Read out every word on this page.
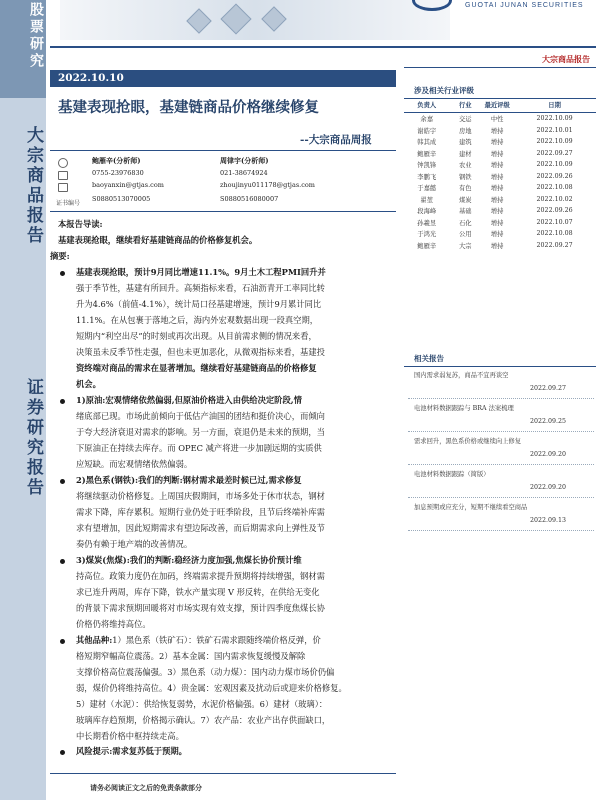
股票研究
大宗商品报告
证券研究报告
GUOTAI JUNAN SECURITIES
大宗商品报告
2022.10.10
基建表现抢眼，基建链商品价格继续修复
--大宗商品周报
鲍雁辛(分析师)
0755-23976830
baoyanxin@gtjas.com
S0880513070005
周律宇(分析师)
021-38674924
zhoujinyu011178@gtjas.com
S0880516080007
证书编号
本报告导读:
基建表现抢眼，继续看好基建链商品的价格修复机会。
摘要:
基建表现抢眼，预计9月同比增速11.1%。9月土木工程PMI回升并
强于季节性，基建有所回升。高频指标来看，石油沥青开工率同比转
升为4.6%（前值-4.1%），统计局口径基建增速，预计9月累计同比
11.1%。在从包裹于落地之后，海内外宏观数据出现一段真空期，
短期内“利空出尽”的时刻或再次出现。从目前需求侧的情况来看，
决策虽未反季节性走强，但也未更加恶化，从微观指标来看，基建投
资终端对商品的需求在显著增加。继续看好基建链商品的价格修复
机会。
1)原油:宏观情绪依然偏弱,但原油价格进入由供给决定阶段,情
绪底部已现。市场此前倾向于低估产油国的团结和挺价决心，而倾向
于夸大经济衰退对需求的影响。另一方面，衰退仍是未来的预期，当
下原油正在持续去库存。而 OPEC 减产将进一步加剧远期的实质供
应短缺。而宏观情绪依然偏弱。
2)黑色系(钢铁):我们的判断:钢材需求最差时候已过,需求修复
将继续驱动价格修复。上周国庆假期间，市场多处于休市状态，钢材
需求下降，库存累积。短期行业仍处于旺季阶段，且节后终端补库需
求有望增加，因此短期需求有望边际改善，而后期需求向上弹性及节
奏仍有赖于地产端的改善情况。
3)煤炭(焦煤):我们的判断:稳经济力度加强,焦煤长协价预计维
持高位。政策力度仍在加码，终端需求提升预期将持续增强，钢材需
求已连升两周，库存下降，铁水产量实现 V 形反转，在供给无变化
的背景下需求预期回暖将对市场实现有效支撑，预计四季度焦煤长协
价格仍将维持高位。
其他品种:1）黑色系（铁矿石）：铁矿石需求跟随终端价格反弹，价
格短期窄幅高位震荡。2）基本金属：国内需求恢复缓慢及解除
支撑价格高位震荡偏强。3）黑色系（动力煤）：国内动力煤市场价仍偏
弱，煤价仍将维持高位。4）贵金属：宏观因素及扰动后或迎来价格修复。
5）建材（水泥）：供给恢复弱势，水泥价格偏强。6）建材（玻璃）：
玻璃库存趋预期，价格揭示确认。7）农产品：农业产出存供面缺口，
中长期看价格中枢持续走高。
风险提示:需求复苏低于预期。
请务必阅读正文之后的免责条款部分
涉及相关行业评级
负责人	行业	最近评级	日期
余嘉	交运	中性	2022.10.09
谢皓宇	房地	增持	2022.10.01
韩其成	建筑	增持	2022.10.09
鲍雁辛	建材	增持	2022.09.27
钟凯锋	农业	增持	2022.10.09
李鹏飞	钢铁	增持	2022.09.26
于嘉懿	有色	增持	2022.10.08
翟堃	煤炭	增持	2022.10.02
段海峰	基础	增持	2022.09.26
孙羲昱	石化	增持	2022.10.07
于鸿光	公用	增持	2022.10.08
鲍雁辛	大宗	增持	2022.09.27
相关报告
国内需求弱复苏，商品不宜再谈空
2022.09.27
电池材料数据跟踪与 BRA 法案梳理
2022.09.25
需求回升，黑色系价格或继续向上修复
2022.09.20
电池材料数据跟踪（简版）
2022.09.20
加息预期或应充分，短期不继续看空商品
2022.09.13
